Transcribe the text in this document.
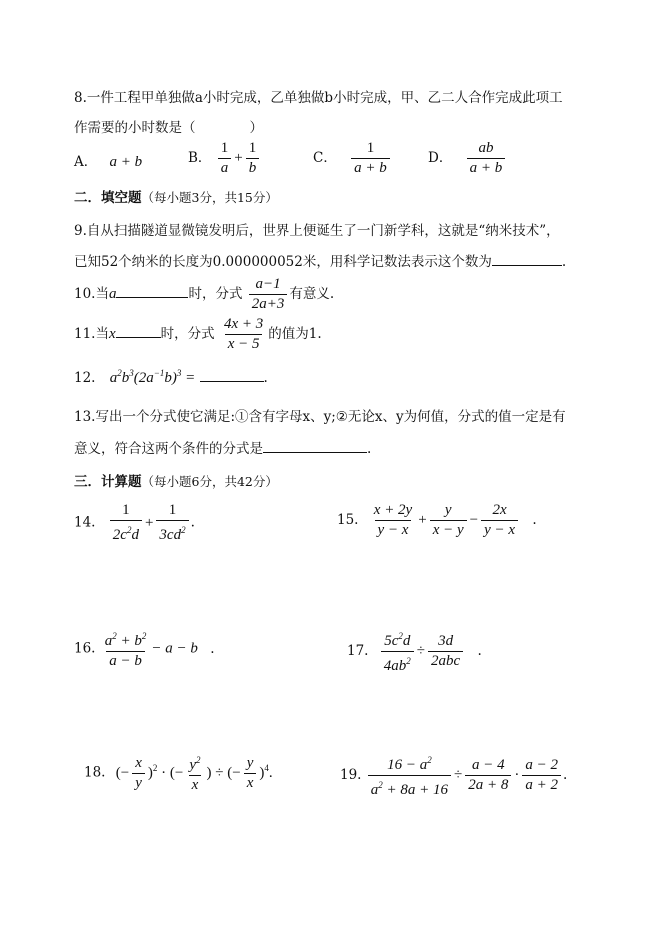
8.一件工程甲单独做a小时完成，乙单独做b小时完成，甲、乙二人合作完成此项工
作需要的小时数是（　　　　）
A． a + b	B． $\frac{1}{a} + \frac{1}{b}$	C． $\frac{1}{a + b}$	D． $\frac{ab}{a + b}$
二．填空题（每小题3分，共15分）
9.自从扫描隧道显微镜发明后，世界上便诞生了一门新学科，这就是“纳米技术”，
已知52个纳米的长度为0.000000052米，用科学记数法表示这个数为	.
10.当a	时，分式 $\frac{a-1}{2a+3}$ 有意义.
11.当x	时，分式 $\frac{4x + 3}{x - 5}$ 的值为1.
12. $a^2b^3(2a^{-1}b)^3$ =	.
13.写出一个分式使它满足:①含有字母x、y;②无论x、y为何值，分式的值一定是有
意义，符合这两个条件的分式是	.
三．计算题（每小题6分，共42分）
14. $\frac{1}{2c^2d} + \frac{1}{3cd^2}$ .	15. $\frac{x + 2y}{y - x} + \frac{y}{x - y} - \frac{2x}{y - x}$ .
16. $\frac{a^2 + b^2}{a - b} - a - b$ .	17. $\frac{5c^2d}{4ab^2} \div \frac{3d}{\text{2abc}}$ .
18. (− $\frac{x}{y} )^2$ · (− $\frac{y^2}{x}$ ) ÷ (− $\frac{y}{x} )^4$.	19. $\frac{16 - a^2}{a^2 + 8a + 16} \div \frac{a - 4}{2a + 8} \cdot \frac{a - 2}{a + 2}$ .
